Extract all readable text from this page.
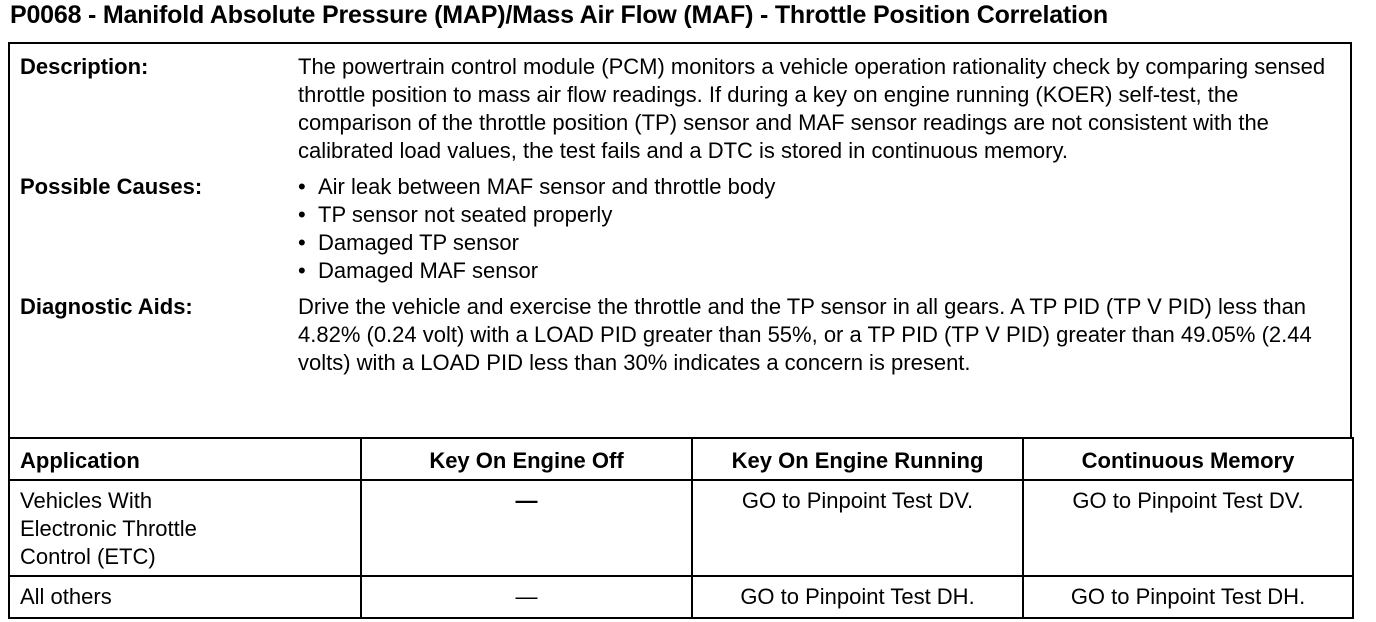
P0068 - Manifold Absolute Pressure (MAP)/Mass Air Flow (MAF) - Throttle Position Correlation
Description:	The powertrain control module (PCM) monitors a vehicle operation rationality check by comparing sensed throttle position to mass air flow readings. If during a key on engine running (KOER) self-test, the comparison of the throttle position (TP) sensor and MAF sensor readings are not consistent with the calibrated load values, the test fails and a DTC is stored in continuous memory.
Possible Causes:	• Air leak between MAF sensor and throttle body
• TP sensor not seated properly
• Damaged TP sensor
• Damaged MAF sensor
Diagnostic Aids:	Drive the vehicle and exercise the throttle and the TP sensor in all gears. A TP PID (TP V PID) less than 4.82% (0.24 volt) with a LOAD PID greater than 55%, or a TP PID (TP V PID) greater than 49.05% (2.44 volts) with a LOAD PID less than 30% indicates a concern is present.
Application	Key On Engine Off	Key On Engine Running	Continuous Memory
Vehicles With Electronic Throttle Control (ETC)	—	GO to Pinpoint Test DV.	GO to Pinpoint Test DV.
All others	—	GO to Pinpoint Test DH.	GO to Pinpoint Test DH.
